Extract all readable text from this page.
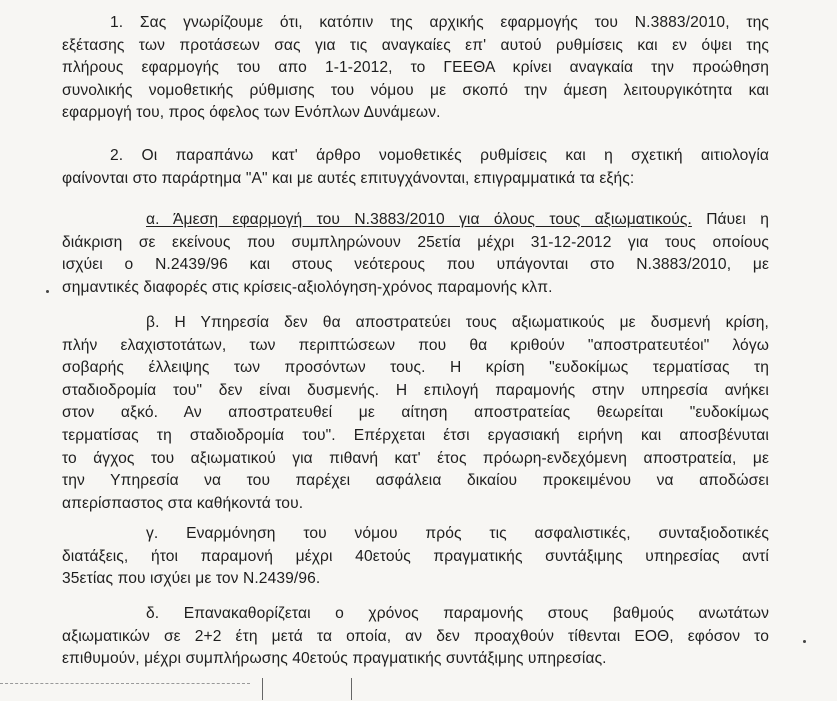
1. Σας γνωρίζουμε ότι, κατόπιν της αρχικής εφαρμογής του Ν.3883/2010, της
εξέτασης των προτάσεων σας για τις αναγκαίες επ' αυτού ρυθμίσεις και εν όψει της
πλήρους εφαρμογής του απο 1-1-2012, το ΓΕΕΘΑ κρίνει αναγκαία την προώθηση
συνολικής νομοθετικής ρύθμισης του νόμου με σκοπό την άμεση λειτουργικότητα και
εφαρμογή του, προς όφελος των Ενόπλων Δυνάμεων.
2. Οι παραπάνω κατ' άρθρο νομοθετικές ρυθμίσεις και η σχετική αιτιολογία
φαίνονται στο παράρτημα "Α" και με αυτές επιτυγχάνονται, επιγραμματικά τα εξής:
α. Άμεση εφαρμογή του Ν.3883/2010 για όλους τους αξιωματικούς. Πάυει η
διάκριση σε εκείνους που συμπληρώνουν 25ετία μέχρι 31-12-2012 για τους οποίους
ισχύει ο Ν.2439/96 και στους νεότερους που υπάγονται στο Ν.3883/2010, με
σημαντικές διαφορές στις κρίσεις-αξιολόγηση-χρόνος παραμονής κλπ.
β. Η Υπηρεσία δεν θα αποστρατεύει τους αξιωματικούς με δυσμενή κρίση,
πλήν ελαχιστοτάτων, των περιπτώσεων που θα κριθούν "αποστρατευτέοι" λόγω
σοβαρής έλλειψης των προσόντων τους. Η κρίση "ευδοκίμως τερματίσας τη
σταδιοδρομία του" δεν είναι δυσμενής. Η επιλογή παραμονής στην υπηρεσία ανήκει
στον αξκό. Αν αποστρατευθεί με αίτηση αποστρατείας θεωρείται "ευδοκίμως
τερματίσας τη σταδιοδρομία του". Επέρχεται έτσι εργασιακή ειρήνη και αποσβένυται
το άγχος του αξιωματικού για πιθανή κατ' έτος πρόωρη-ενδεχόμενη αποστρατεία, με
την Υπηρεσία να του παρέχει ασφάλεια δικαίου προκειμένου να αποδώσει
απερίσπαστος στα καθήκοντά του.
γ. Εναρμόνηση του νόμου πρός τις ασφαλιστικές, συνταξιοδοτικές
διατάξεις, ήτοι παραμονή μέχρι 40ετούς πραγματικής συντάξιμης υπηρεσίας αντί
35ετίας που ισχύει με τον Ν.2439/96.
δ. Επανακαθορίζεται ο χρόνος παραμονής στους βαθμούς ανωτάτων
αξιωματικών σε 2+2 έτη μετά τα οποία, αν δεν προαχθούν τίθενται ΕΟΘ, εφόσον το
επιθυμούν, μέχρι συμπλήρωσης 40ετούς πραγματικής συντάξιμης υπηρεσίας.
